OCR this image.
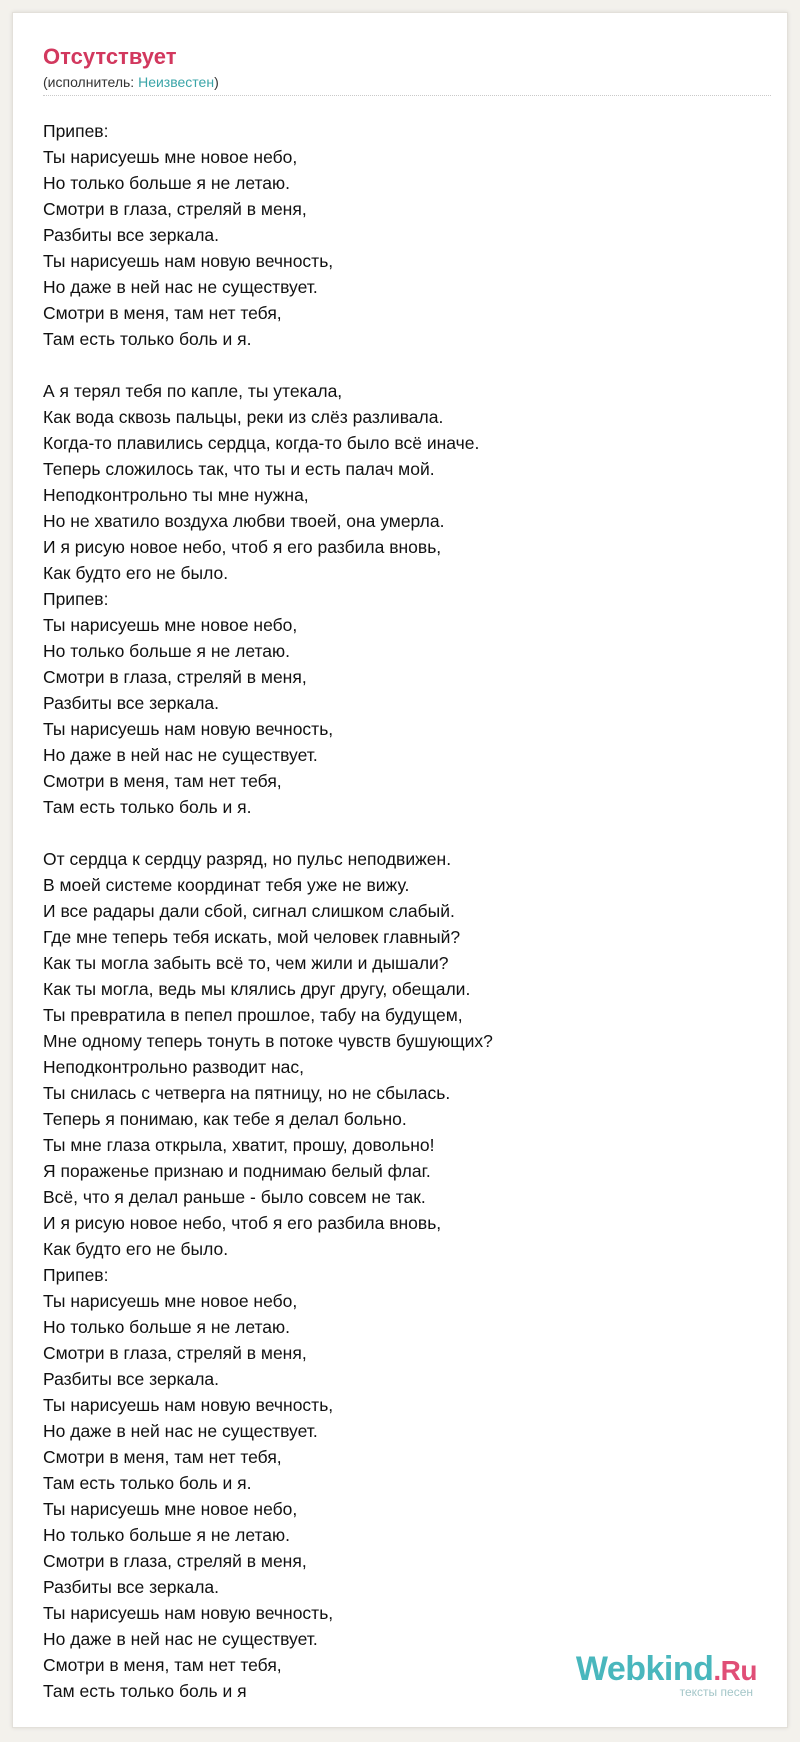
Отсутствует
(исполнитель: Неизвестен)
Припев:
Ты нарисуешь мне новое небо,
Но только больше я не летаю.
Смотри в глаза, стреляй в меня,
Разбиты все зеркала.
Ты нарисуешь нам новую вечность,
Но даже в ней нас не существует.
Смотри в меня, там нет тебя,
Там есть только боль и я.
А я терял тебя по капле, ты утекала,
Как вода сквозь пальцы, реки из слёз разливала.
Когда-то плавились сердца, когда-то было всё иначе.
Теперь сложилось так, что ты и есть палач мой.
Неподконтрольно ты мне нужна,
Но не хватило воздуха любви твоей, она умерла.
И я рисую новое небо, чтоб я его разбила вновь,
Как будто его не было.
Припев:
Ты нарисуешь мне новое небо,
Но только больше я не летаю.
Смотри в глаза, стреляй в меня,
Разбиты все зеркала.
Ты нарисуешь нам новую вечность,
Но даже в ней нас не существует.
Смотри в меня, там нет тебя,
Там есть только боль и я.
От сердца к сердцу разряд, но пульс неподвижен.
В моей системе координат тебя уже не вижу.
И все радары дали сбой, сигнал слишком слабый.
Где мне теперь тебя искать, мой человек главный?
Как ты могла забыть всё то, чем жили и дышали?
Как ты могла, ведь мы клялись друг другу, обещали.
Ты превратила в пепел прошлое, табу на будущем,
Мне одному теперь тонуть в потоке чувств бушующих?
Неподконтрольно разводит нас,
Ты снилась с четверга на пятницу, но не сбылась.
Теперь я понимаю, как тебе я делал больно.
Ты мне глаза открыла, хватит, прошу, довольно!
Я пораженье признаю и поднимаю белый флаг.
Всё, что я делал раньше - было совсем не так.
И я рисую новое небо, чтоб я его разбила вновь,
Как будто его не было.
Припев:
Ты нарисуешь мне новое небо,
Но только больше я не летаю.
Смотри в глаза, стреляй в меня,
Разбиты все зеркала.
Ты нарисуешь нам новую вечность,
Но даже в ней нас не существует.
Смотри в меня, там нет тебя,
Там есть только боль и я.
Ты нарисуешь мне новое небо,
Но только больше я не летаю.
Смотри в глаза, стреляй в меня,
Разбиты все зеркала.
Ты нарисуешь нам новую вечность,
Но даже в ней нас не существует.
Смотри в меня, там нет тебя,
Там есть только боль и я
Webkind.Ru
тексты песен
